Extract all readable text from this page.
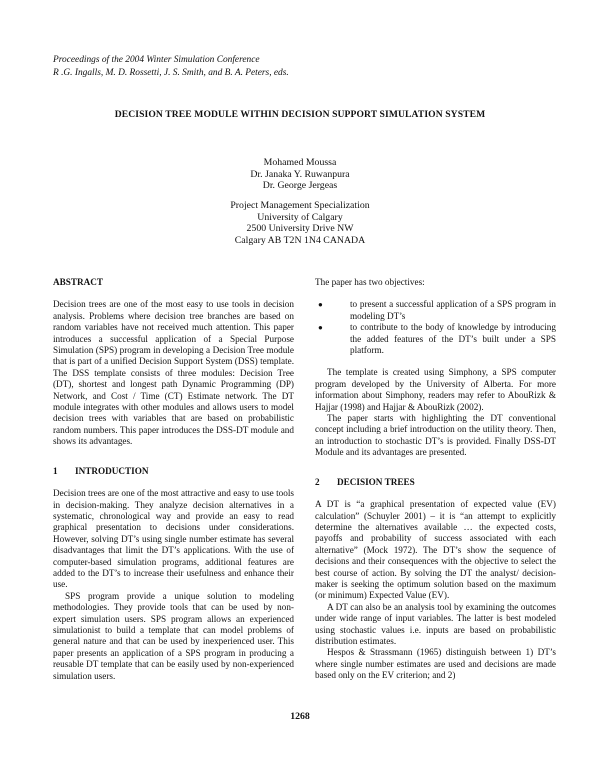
Proceedings of the 2004 Winter Simulation Conference
R .G. Ingalls, M. D. Rossetti, J. S. Smith, and B. A. Peters, eds.
DECISION TREE MODULE WITHIN DECISION SUPPORT SIMULATION SYSTEM
Mohamed Moussa
Dr. Janaka Y. Ruwanpura
Dr. George Jergeas
Project Management Specialization
University of Calgary
2500 University Drive NW
Calgary AB T2N 1N4 CANADA
ABSTRACT

Decision trees are one of the most easy to use tools in decision analysis. Problems where decision tree branches are based on random variables have not received much attention. This paper introduces a successful application of a Special Purpose Simulation (SPS) program in developing a Decision Tree module that is part of a unified Decision Support System (DSS) template. The DSS template consists of three modules: Decision Tree (DT), shortest and longest path Dynamic Programming (DP) Network, and Cost / Time (CT) Estimate network. The DT module integrates with other modules and allows users to model decision trees with variables that are based on probabilistic random numbers. This paper introduces the DSS-DT module and shows its advantages.

1 INTRODUCTION

Decision trees are one of the most attractive and easy to use tools in decision-making. They analyze decision alternatives in a systematic, chronological way and provide an easy to read graphical presentation to decisions under considerations. However, solving DT’s using single number estimate has several disadvantages that limit the DT’s applications. With the use of computer-based simulation programs, additional features are added to the DT’s to increase their usefulness and enhance their use.

SPS program provide a unique solution to modeling methodologies. They provide tools that can be used by non-expert simulation users. SPS program allows an experienced simulationist to build a template that can model problems of general nature and that can be used by inexperienced user. This paper presents an application of a SPS program in producing a reusable DT template that can be easily used by non-experienced simulation users.

The paper has two objectives:

●	to present a successful application of a SPS program in modeling DT’s
●	to contribute to the body of knowledge by introducing the added features of the DT’s built under a SPS platform.

The template is created using Simphony, a SPS computer program developed by the University of Alberta. For more information about Simphony, readers may refer to AbouRizk & Hajjar (1998) and Hajjar & AbouRizk (2002).

The paper starts with highlighting the DT conventional concept including a brief introduction on the utility theory. Then, an introduction to stochastic DT’s is provided. Finally DSS-DT Module and its advantages are presented.

2 DECISION TREES

A DT is “a graphical presentation of expected value (EV) calculation” (Schuyler 2001) – it is “an attempt to explicitly determine the alternatives available … the expected costs, payoffs and probability of success associated with each alternative” (Mock 1972). The DT’s show the sequence of decisions and their consequences with the objective to select the best course of action. By solving the DT the analyst/ decision-maker is seeking the optimum solution based on the maximum (or minimum) Expected Value (EV).

A DT can also be an analysis tool by examining the outcomes under wide range of input variables. The latter is best modeled using stochastic values i.e. inputs are based on probabilistic distribution estimates.

Hespos & Strassmann (1965) distinguish between 1) DT’s where single number estimates are used and decisions are made based only on the EV criterion; and 2)

1268
